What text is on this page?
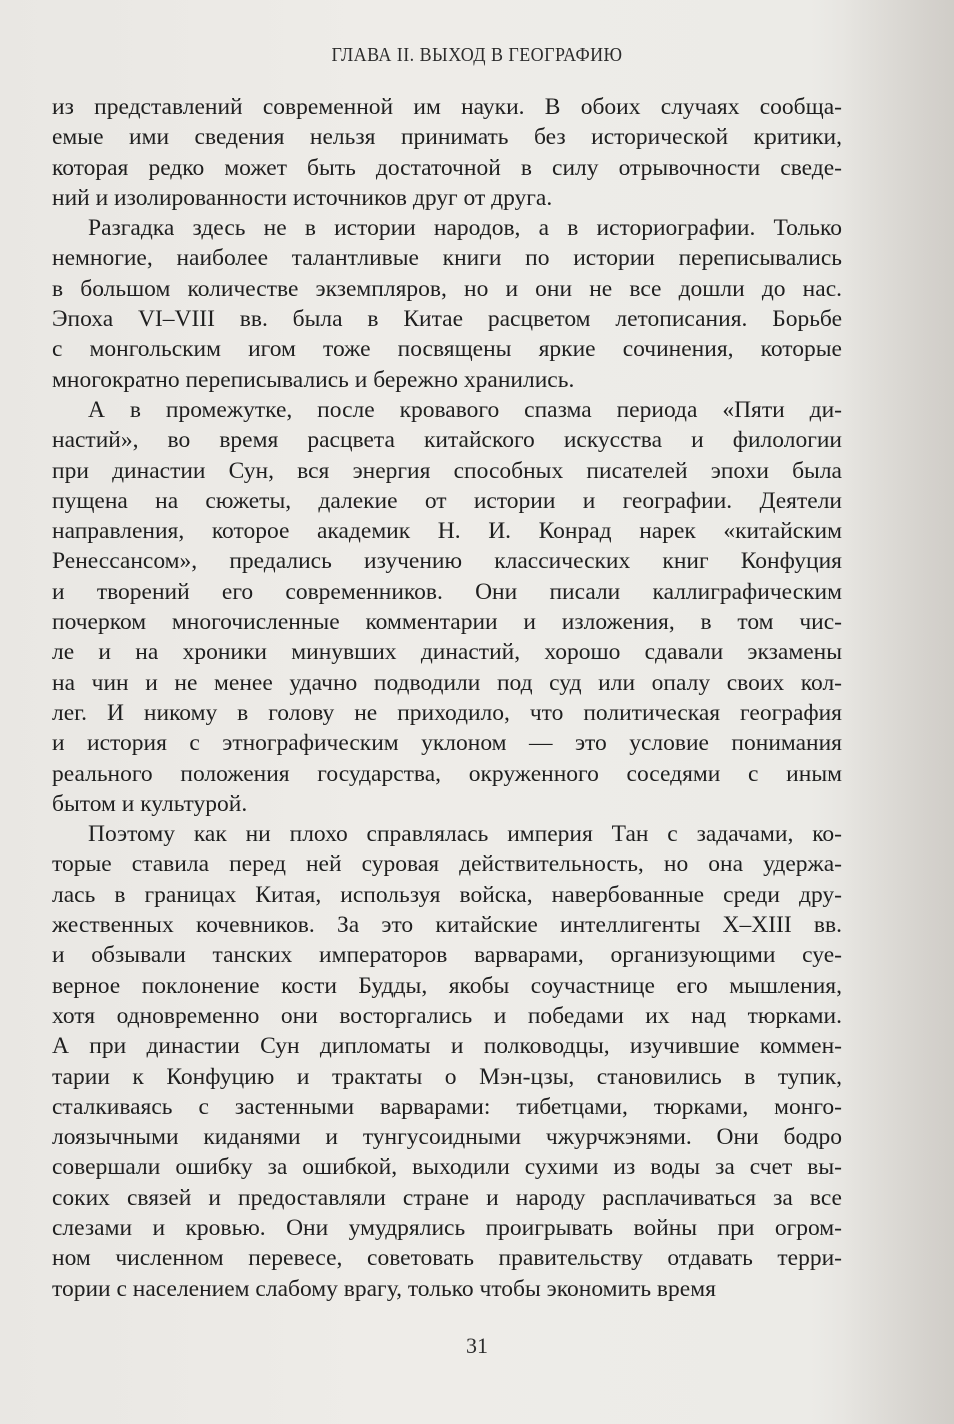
ГЛАВА II. ВЫХОД В ГЕОГРАФИЮ

из представлений современной им науки. В обоих случаях сообща-
емые ими сведения нельзя принимать без исторической критики,
которая редко может быть достаточной в силу отрывочности сведе-
ний и изолированности источников друг от друга.

Разгадка здесь не в истории народов, а в историографии. Только
немногие, наиболее талантливые книги по истории переписывались
в большом количестве экземпляров, но и они не все дошли до нас.
Эпоха VI–VIII вв. была в Китае расцветом летописания. Борьбе
с монгольским игом тоже посвящены яркие сочинения, которые
многократно переписывались и бережно хранились.

А в промежутке, после кровавого спазма периода «Пяти ди-
настий», во время расцвета китайского искусства и филологии
при династии Сун, вся энергия способных писателей эпохи была
пущена на сюжеты, далекие от истории и географии. Деятели
направления, которое академик Н. И. Конрад нарек «китайским
Ренессансом», предались изучению классических книг Конфуция
и творений его современников. Они писали каллиграфическим
почерком многочисленные комментарии и изложения, в том чис-
ле и на хроники минувших династий, хорошо сдавали экзамены
на чин и не менее удачно подводили под суд или опалу своих кол-
лег. И никому в голову не приходило, что политическая география
и история с этнографическим уклоном — это условие понимания
реального положения государства, окруженного соседями с иным
бытом и культурой.

Поэтому как ни плохо справлялась империя Тан с задачами, ко-
торые ставила перед ней суровая действительность, но она удержа-
лась в границах Китая, используя войска, навербованные среди дру-
жественных кочевников. За это китайские интеллигенты X–XIII вв.
и обзывали танских императоров варварами, организующими суе-
верное поклонение кости Будды, якобы соучастнице его мышления,
хотя одновременно они восторгались и победами их над тюрками.
А при династии Сун дипломаты и полководцы, изучившие коммен-
тарии к Конфуцию и трактаты о Мэн-цзы, становились в тупик,
сталкиваясь с застенными варварами: тибетцами, тюрками, монго-
лоязычными киданями и тунгусоидными чжурчжэнями. Они бодро
совершали ошибку за ошибкой, выходили сухими из воды за счет вы-
соких связей и предоставляли стране и народу расплачиваться за все
слезами и кровью. Они умудрялись проигрывать войны при огром-
ном численном перевесе, советовать правительству отдавать терри-
тории с населением слабому врагу, только чтобы экономить время

31
